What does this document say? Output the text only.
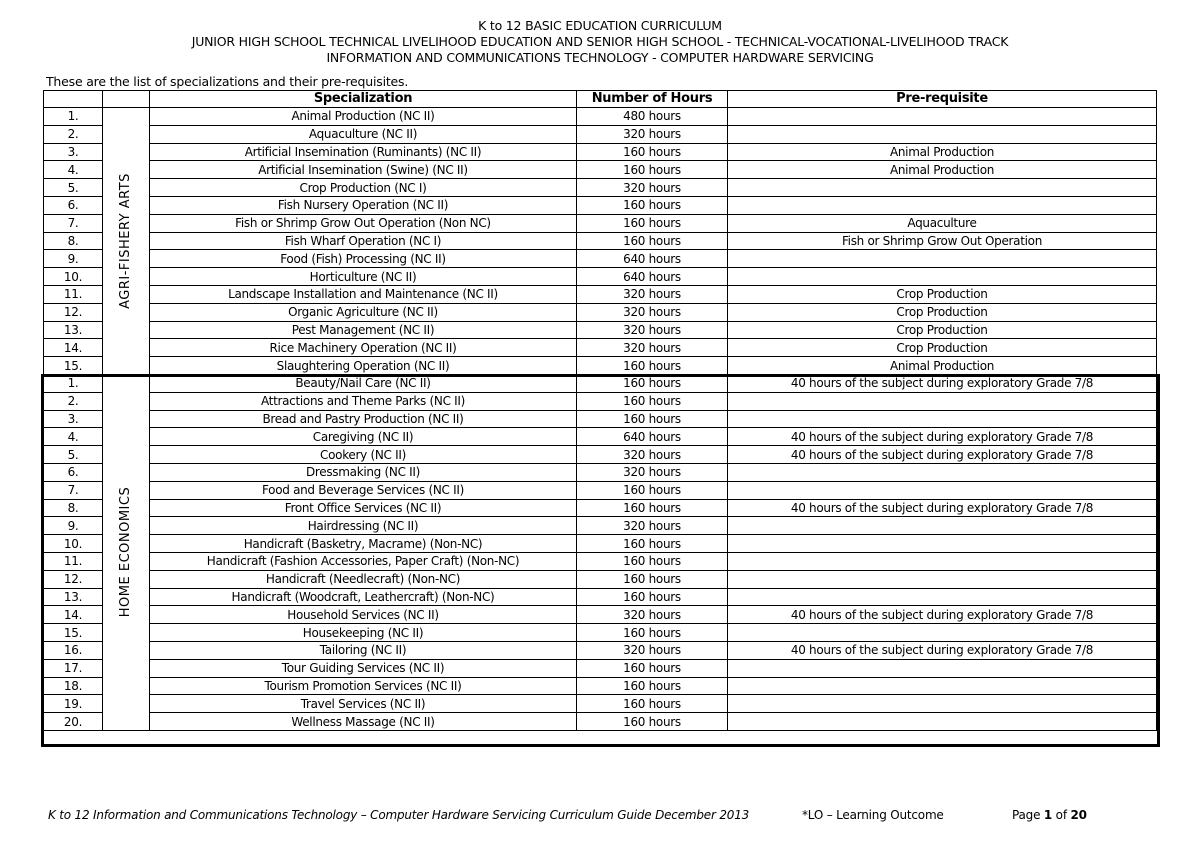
K to 12 BASIC EDUCATION CURRICULUM
JUNIOR HIGH SCHOOL TECHNICAL LIVELIHOOD EDUCATION AND SENIOR HIGH SCHOOL - TECHNICAL-VOCATIONAL-LIVELIHOOD TRACK
INFORMATION AND COMMUNICATIONS TECHNOLOGY - COMPUTER HARDWARE SERVICING
These are the list of specializations and their pre-requisites.
		Specialization	Number of Hours	Pre-requisite
1.	AGRI-FISHERY ARTS	Animal Production (NC II)	480 hours	
2.		Aquaculture (NC II)	320 hours	
3.		Artificial Insemination (Ruminants) (NC II)	160 hours	Animal Production
4.		Artificial Insemination (Swine) (NC II)	160 hours	Animal Production
5.		Crop Production (NC I)	320 hours	
6.		Fish Nursery Operation (NC II)	160 hours	
7.		Fish or Shrimp Grow Out Operation (Non NC)	160 hours	Aquaculture
8.		Fish Wharf Operation (NC I)	160 hours	Fish or Shrimp Grow Out Operation
9.		Food (Fish) Processing (NC II)	640 hours	
10.		Horticulture (NC II)	640 hours	
11.		Landscape Installation and Maintenance (NC II)	320 hours	Crop Production
12.		Organic Agriculture (NC II)	320 hours	Crop Production
13.		Pest Management (NC II)	320 hours	Crop Production
14.		Rice Machinery Operation (NC II)	320 hours	Crop Production
15.		Slaughtering Operation (NC II)	160 hours	Animal Production
1.	HOME ECONOMICS	Beauty/Nail Care (NC II)	160 hours	40 hours of the subject during exploratory Grade 7/8
2.		Attractions and Theme Parks (NC II)	160 hours	
3.		Bread and Pastry Production (NC II)	160 hours	
4.		Caregiving (NC II)	640 hours	40 hours of the subject during exploratory Grade 7/8
5.		Cookery (NC II)	320 hours	40 hours of the subject during exploratory Grade 7/8
6.		Dressmaking (NC II)	320 hours	
7.		Food and Beverage Services (NC II)	160 hours	
8.		Front Office Services (NC II)	160 hours	40 hours of the subject during exploratory Grade 7/8
9.		Hairdressing (NC II)	320 hours	
10.		Handicraft (Basketry, Macrame) (Non-NC)	160 hours	
11.		Handicraft (Fashion Accessories, Paper Craft) (Non-NC)	160 hours	
12.		Handicraft (Needlecraft) (Non-NC)	160 hours	
13.		Handicraft (Woodcraft, Leathercraft) (Non-NC)	160 hours	
14.		Household Services (NC II)	320 hours	40 hours of the subject during exploratory Grade 7/8
15.		Housekeeping (NC II)	160 hours	
16.		Tailoring (NC II)	320 hours	40 hours of the subject during exploratory Grade 7/8
17.		Tour Guiding Services (NC II)	160 hours	
18.		Tourism Promotion Services (NC II)	160 hours	
19.		Travel Services (NC II)	160 hours	
20.		Wellness Massage (NC II)	160 hours	
K to 12 Information and Communications Technology – Computer Hardware Servicing Curriculum Guide December 2013	*LO – Learning Outcome	Page 1 of 20
